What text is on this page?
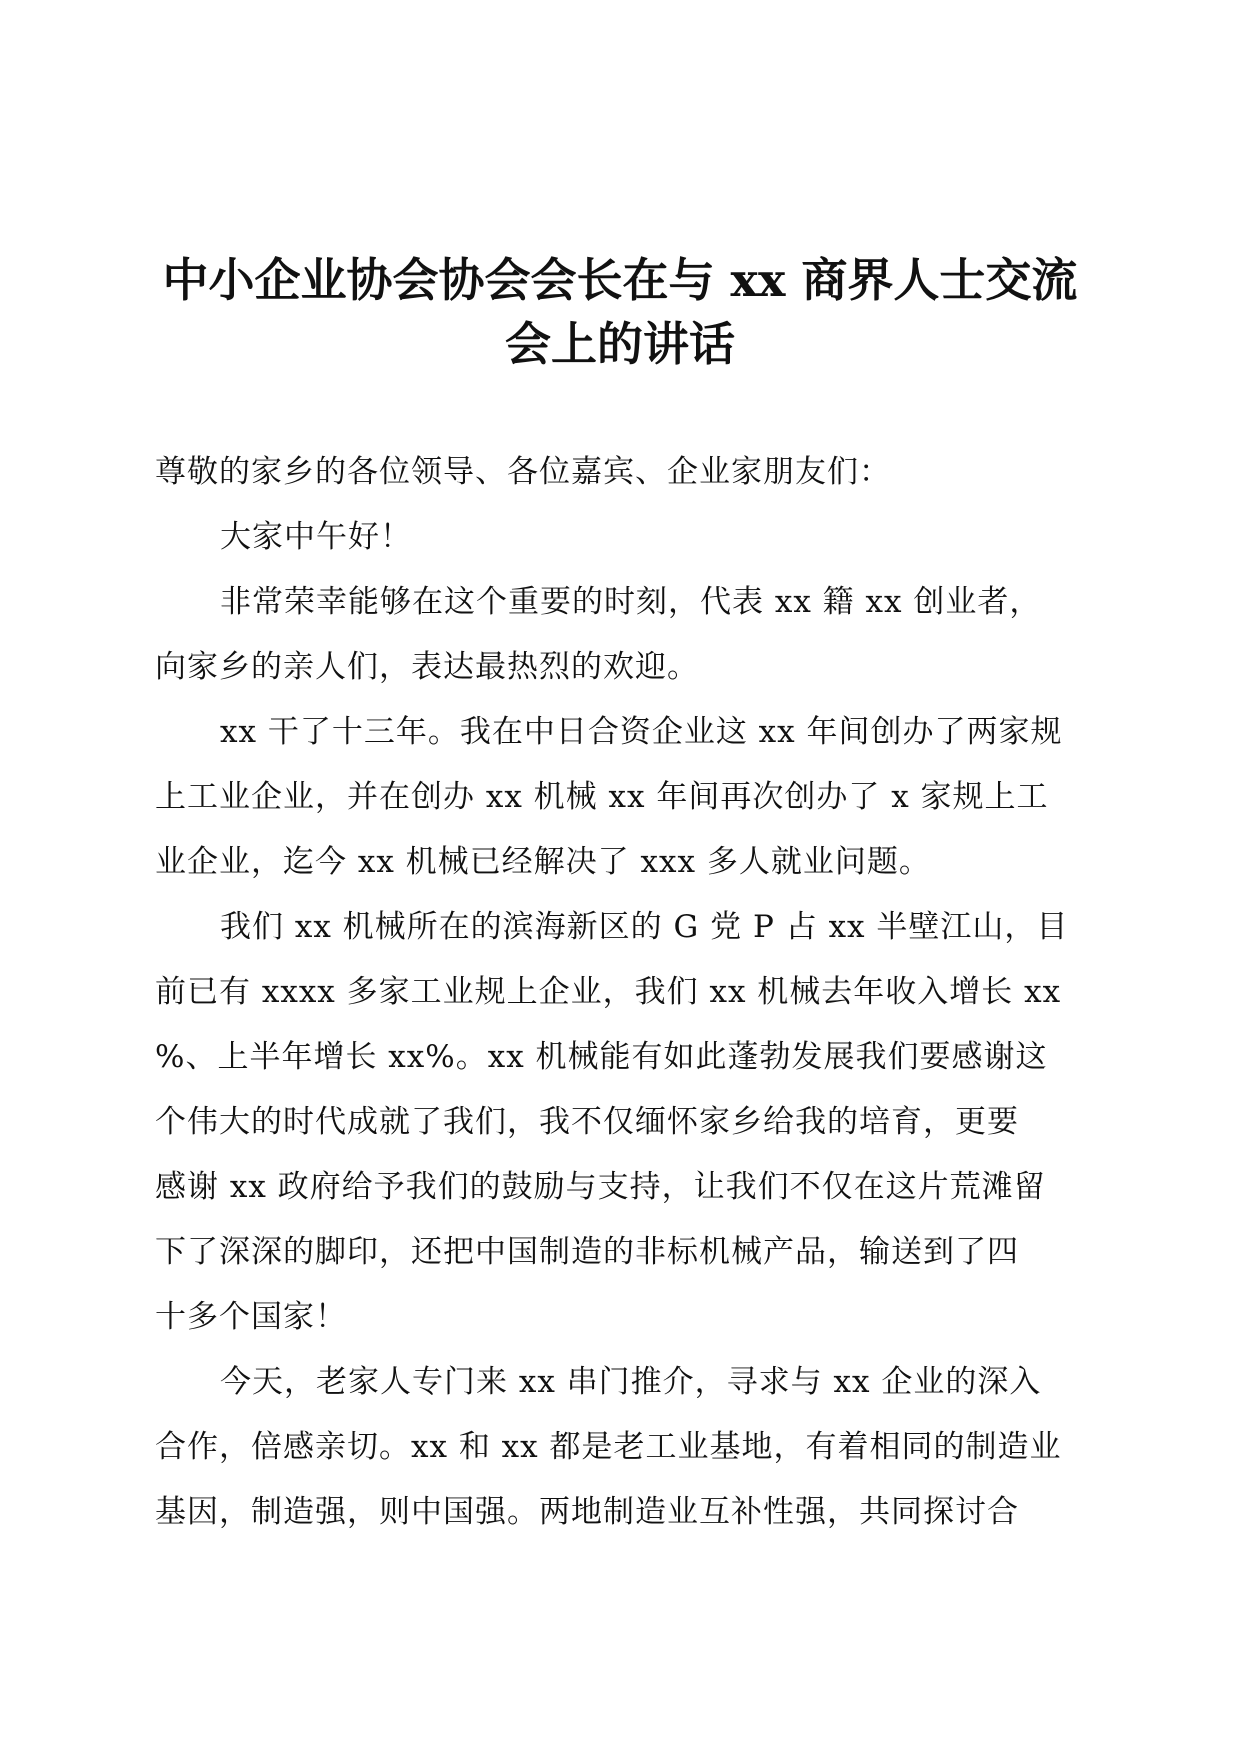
中小企业协会协会会长在与 xx 商界人士交流
会上的讲话
尊敬的家乡的各位领导、各位嘉宾、企业家朋友们：
大家中午好！
非常荣幸能够在这个重要的时刻，代表 xx 籍 xx 创业者，
向家乡的亲人们，表达最热烈的欢迎。
xx 干了十三年。我在中日合资企业这 xx 年间创办了两家规
上工业企业，并在创办 xx 机械 xx 年间再次创办了 x 家规上工
业企业，迄今 xx 机械已经解决了 xxx 多人就业问题。
我们 xx 机械所在的滨海新区的 G 党 P 占 xx 半壁江山，目
前已有 xxxx 多家工业规上企业，我们 xx 机械去年收入增长 xx
%、上半年增长 xx%。xx 机械能有如此蓬勃发展我们要感谢这
个伟大的时代成就了我们，我不仅缅怀家乡给我的培育，更要
感谢 xx 政府给予我们的鼓励与支持，让我们不仅在这片荒滩留
下了深深的脚印，还把中国制造的非标机械产品，输送到了四
十多个国家！
今天，老家人专门来 xx 串门推介，寻求与 xx 企业的深入
合作，倍感亲切。xx 和 xx 都是老工业基地，有着相同的制造业
基因，制造强，则中国强。两地制造业互补性强，共同探讨合
